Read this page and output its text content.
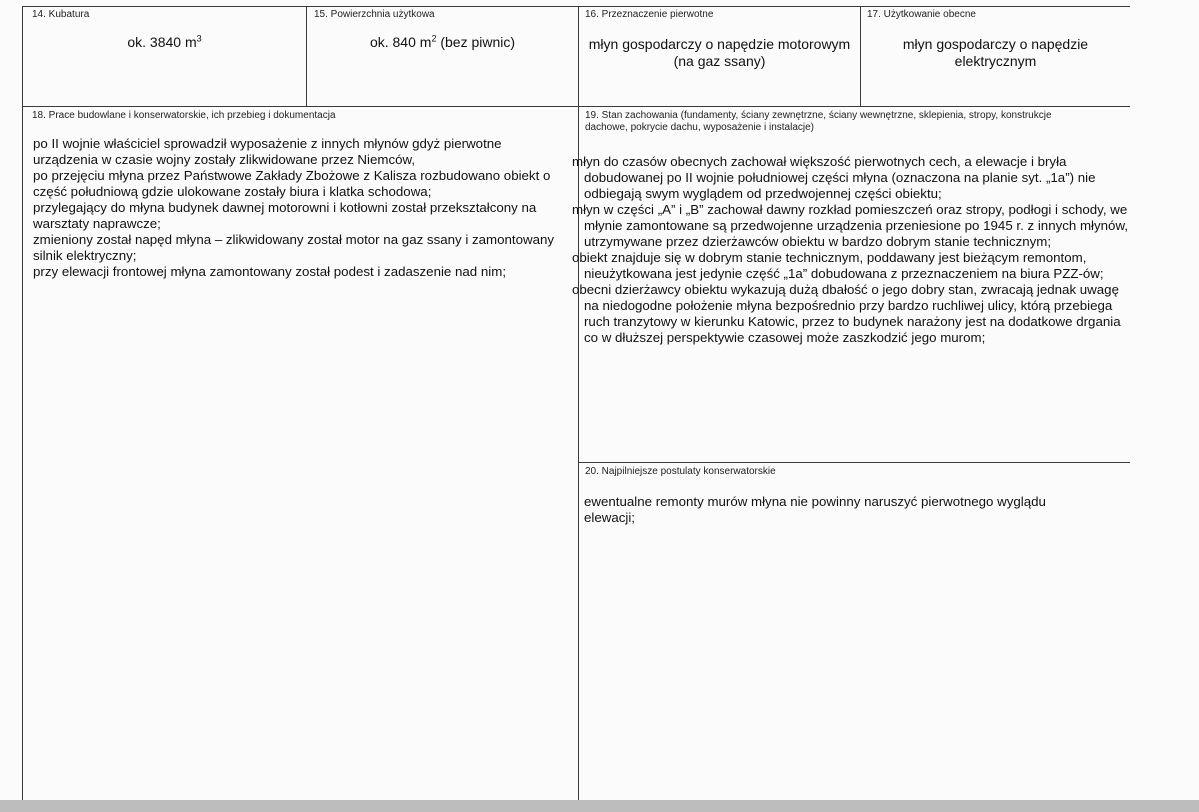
14. Kubatura
ok. 3840 $m^3$
15. Powierzchnia użytkowa
ok. 840 $m^2$ (bez piwnic)
16. Przeznaczenie pierwotne
młyn gospodarczy o napędzie motorowym
(na gaz ssany)
17. Użytkowanie obecne
młyn gospodarczy o napędzie
elektrycznym
18. Prace budowlane i konserwatorskie, ich przebieg i dokumentacja

po II wojnie właściciel sprowadził wyposażenie z innych młynów gdyż pierwotne urządzenia w czasie wojny zostały zlikwidowane przez Niemców,

po przejęciu młyna przez Państwowe Zakłady Zbożowe z Kalisza rozbudowano obiekt o część południową gdzie ulokowane zostały biura i klatka schodowa;

przylegający do młyna budynek dawnej motorowni i kotłowni został przekształcony na warsztaty naprawcze;

zmieniony został napęd młyna – zlikwidowany został motor na gaz ssany i zamontowany silnik elektryczny;

przy elewacji frontowej młyna zamontowany został podest i zadaszenie nad nim;

19. Stan zachowania (fundamenty, ściany zewnętrzne, ściany wewnętrzne, sklepienia, stropy, konstrukcje dachowe, pokrycie dachu, wyposażenie i instalacje)

młyn do czasów obecnych zachował większość pierwotnych cech, a elewacje i bryła dobudowanej po II wojnie południowej części młyna (oznaczona na planie syt. „1a”) nie odbiegają swym wyglądem od przedwojennej części obiektu;

młyn w części „A” i „B” zachował dawny rozkład pomieszczeń oraz stropy, podłogi i schody, we młynie zamontowane są przedwojenne urządzenia przeniesione po 1945 r. z innych młynów, utrzymywane przez dzierżawców obiektu w bardzo dobrym stanie technicznym;

obiekt znajduje się w dobrym stanie technicznym, poddawany jest bieżącym remontom, nieużytkowana jest jedynie część „1a” dobudowana z przeznaczeniem na biura PZZ-ów;

obecni dzierżawcy obiektu wykazują dużą dbałość o jego dobry stan, zwracają jednak uwagę na niedogodne położenie młyna bezpośrednio przy bardzo ruchliwej ulicy, którą przebiega ruch tranzytowy w kierunku Katowic, przez to budynek narażony jest na dodatkowe drgania co w dłuższej perspektywie czasowej może zaszkodzić jego murom;

20. Najpilniejsze postulaty konserwatorskie

ewentualne remonty murów młyna nie powinny naruszyć pierwotnego wyglądu elewacji;
